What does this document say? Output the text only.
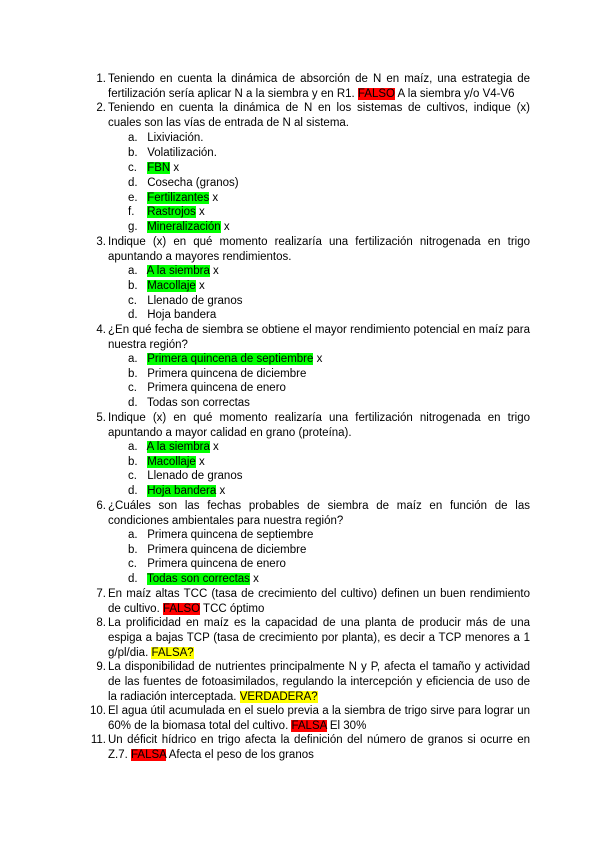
1. Teniendo en cuenta la dinámica de absorción de N en maíz, una estrategia de fertilización sería aplicar N a la siembra y en R1. FALSO A la siembra y/o V4-V6
2. Teniendo en cuenta la dinámica de N en los sistemas de cultivos, indique (x) cuales son las vías de entrada de N al sistema.
a. Lixiviación.
b. Volatilización.
c. FBN x
d. Cosecha (granos)
e. Fertilizantes x
f. Rastrojos x
g. Mineralización x
3. Indique (x) en qué momento realizaría una fertilización nitrogenada en trigo apuntando a mayores rendimientos.
a. A la siembra x
b. Macollaje x
c. Llenado de granos
d. Hoja bandera
4. ¿En qué fecha de siembra se obtiene el mayor rendimiento potencial en maíz para nuestra región?
a. Primera quincena de septiembre x
b. Primera quincena de diciembre
c. Primera quincena de enero
d. Todas son correctas
5. Indique (x) en qué momento realizaría una fertilización nitrogenada en trigo apuntando a mayor calidad en grano (proteína).
a. A la siembra x
b. Macollaje x
c. Llenado de granos
d. Hoja bandera x
6. ¿Cuáles son las fechas probables de siembra de maíz en función de las condiciones ambientales para nuestra región?
a. Primera quincena de septiembre
b. Primera quincena de diciembre
c. Primera quincena de enero
d. Todas son correctas x
7. En maíz altas TCC (tasa de crecimiento del cultivo) definen un buen rendimiento de cultivo. FALSO TCC óptimo
8. La prolificidad en maíz es la capacidad de una planta de producir más de una espiga a bajas TCP (tasa de crecimiento por planta), es decir a TCP menores a 1 g/pl/dia. FALSA?
9. La disponibilidad de nutrientes principalmente N y P, afecta el tamaño y actividad de las fuentes de fotoasimilados, regulando la intercepción y eficiencia de uso de la radiación interceptada. VERDADERA?
10. El agua útil acumulada en el suelo previa a la siembra de trigo sirve para lograr un 60% de la biomasa total del cultivo. FALSA El 30%
11. Un déficit hídrico en trigo afecta la definición del número de granos si ocurre en Z.7. FALSA Afecta el peso de los granos
